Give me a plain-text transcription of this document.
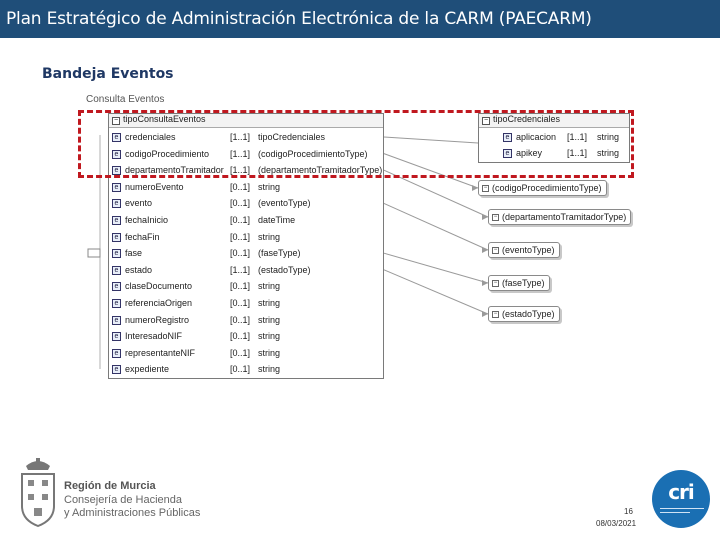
Plan Estratégico de Administración Electrónica de la CARM (PAECARM)
Bandeja Eventos
Consulta Eventos
− tipoConsultaEventos
e credenciales	[1..1] tipoCredenciales
e codigoProcedimiento [1..1] (codigoProcedimientoType)
e departamentoTramitador [1..1] (departamentoTramitadorType)
e numeroEvento	[0..1] string
e evento	[0..1] (eventoType)
e fechaInicio	[0..1] dateTime
e fechaFin	[0..1] string
e fase	[0..1] (faseType)
e estado	[1..1] (estadoType)
e claseDocumento	[0..1] string
e referenciaOrigen	[0..1] string
e numeroRegistro	[0..1] string
e InteresadoNIF	[0..1] string
e representanteNIF	[0..1] string
e expediente	[0..1] string
− tipoCredenciales
e aplicacion [1..1] string
e apikey	[1..1] string
− (codigoProcedimientoType)
− (departamentoTramitadorType)
− (eventoType)
− (faseType)
− (estadoType)
Región de Murcia
Consejería de Hacienda
y Administraciones Públicas	16
08/03/2021
cri
